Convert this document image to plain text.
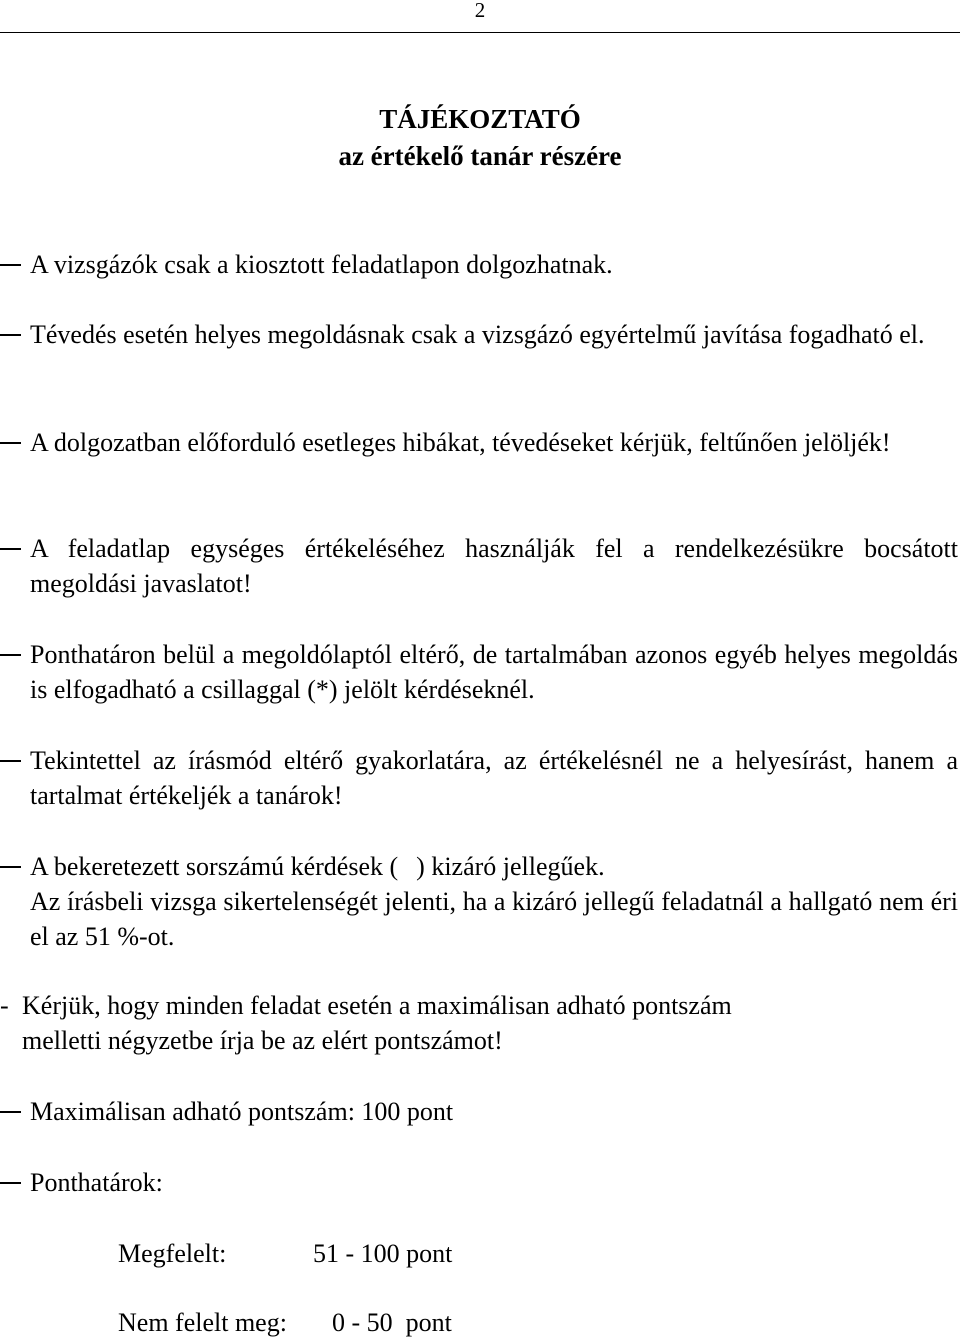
2
TÁJÉKOZTATÓ
az értékelő tanár részére
A vizsgázók csak a kiosztott feladatlapon dolgozhatnak.
Tévedés esetén helyes megoldásnak csak a vizsgázó egyértelmű javítása fogadható el.
A dolgozatban előforduló esetleges hibákat, tévedéseket kérjük, feltűnően jelöljék!
A feladatlap egységes értékeléséhez használják fel a rendelkezésükre bocsátott megoldási javaslatot!
Ponthatáron belül a megoldólaptól eltérő, de tartalmában azonos egyéb helyes megoldás is elfogadható a csillaggal (*) jelölt kérdéseknél.
Tekintettel az írásmód eltérő gyakorlatára, az értékelésnél ne a helyesírást, hanem a tartalmat értékeljék a tanárok!
A bekeretezett sorszámú kérdések ( ) kizáró jellegűek.
Az írásbeli vizsga sikertelenségét jelenti, ha a kizáró jellegű feladatnál a hallgató nem éri el az 51 %-ot.
- Kérjük, hogy minden feladat esetén a maximálisan adható pontszám
melletti négyzetbe írja be az elért pontszámot!
Maximálisan adható pontszám: 100 pont
Ponthatárok:
Megfelelt:	51 - 100 pont
Nem felelt meg: 0 - 50  pont
